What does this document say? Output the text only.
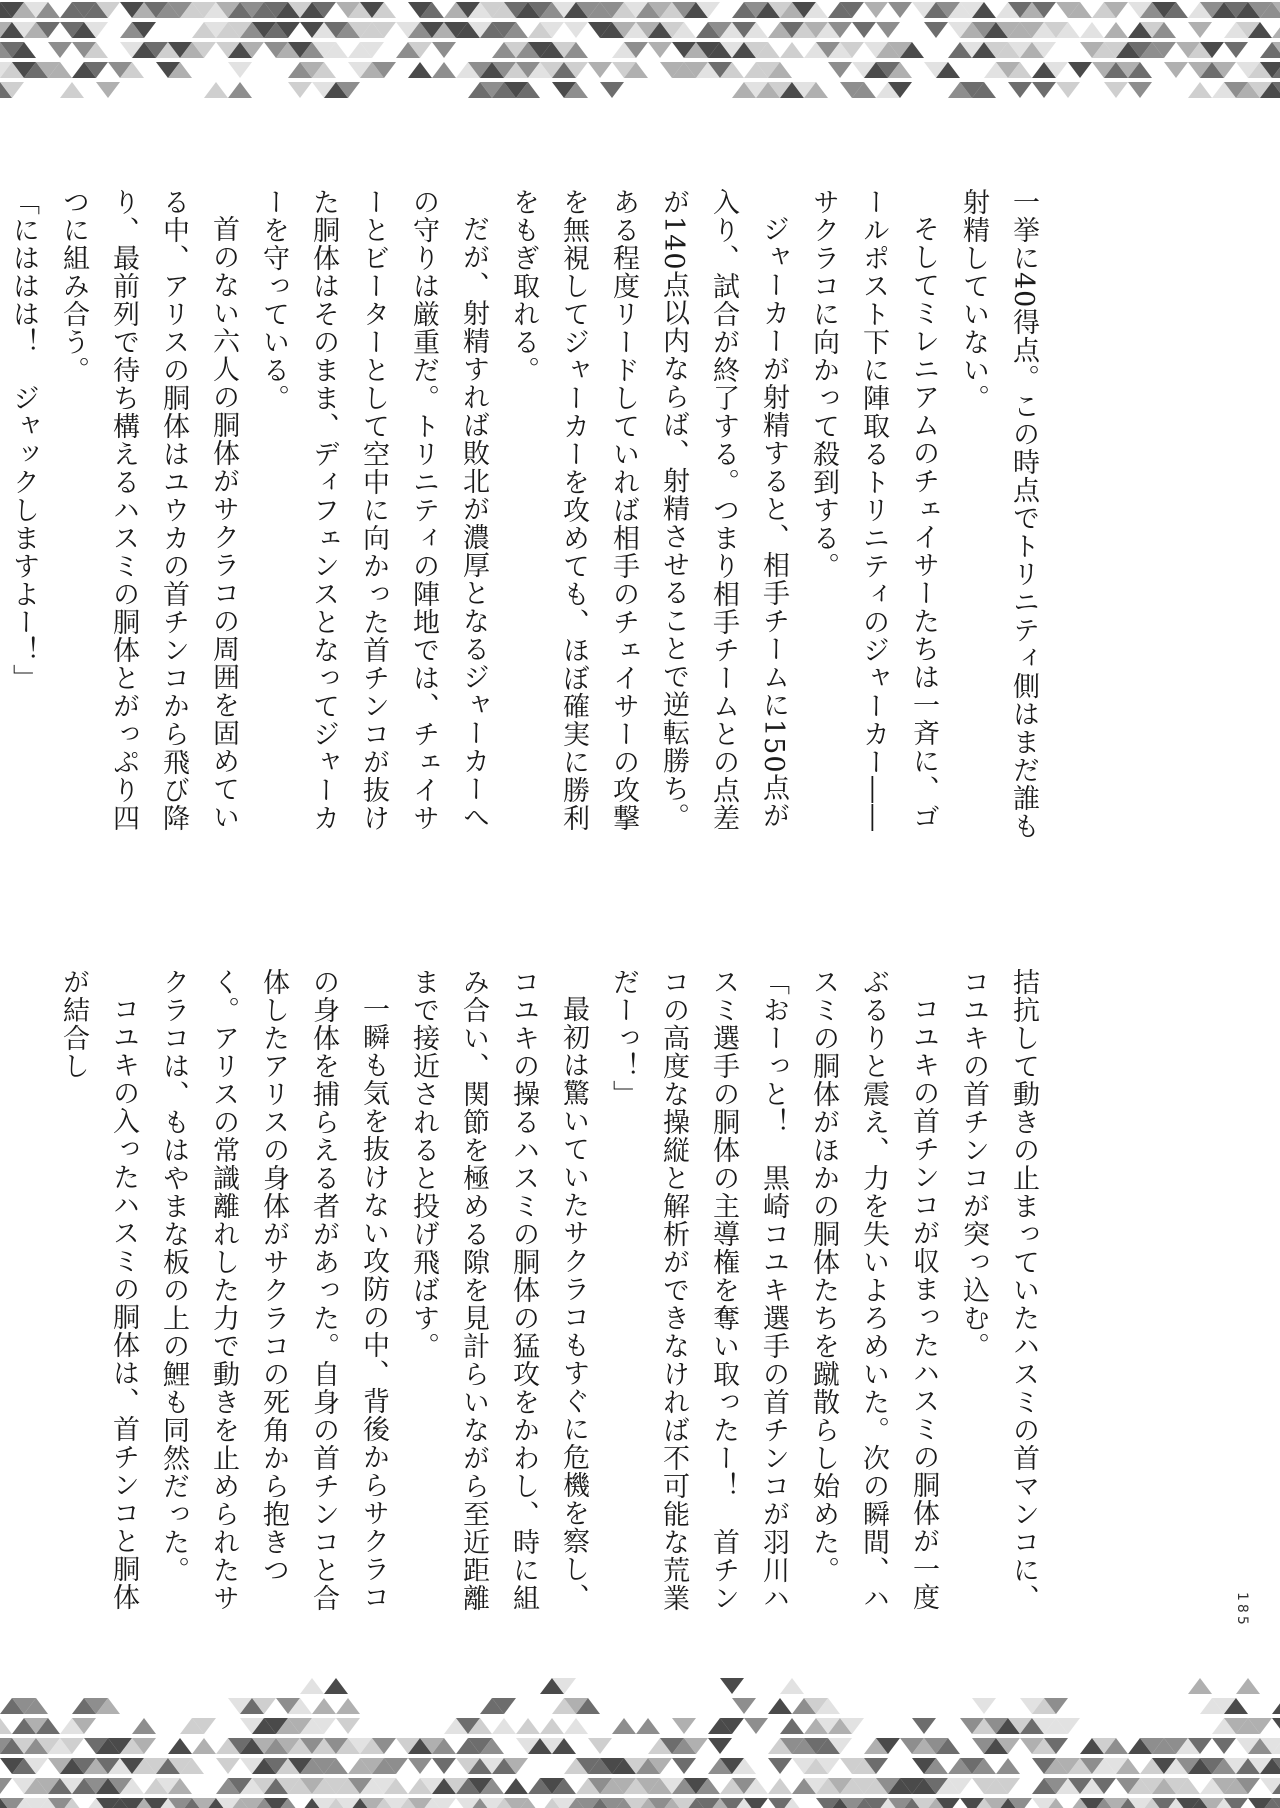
一挙に40得点。この時点でトリニティ側はまだ誰も射精していない。

そしてミレニアムのチェイサーたちは一斉に、ゴールポスト下に陣取るトリニティのジャーカー――サクラコに向かって殺到する。

ジャーカーが射精すると、相手チームに150点が入り、試合が終了する。つまり相手チームとの点差が140点以内ならば、射精させることで逆転勝ち。ある程度リードしていれば相手のチェイサーの攻撃を無視してジャーカーを攻めても、ほぼ確実に勝利をもぎ取れる。

だが、射精すれば敗北が濃厚となるジャーカーへの守りは厳重だ。トリニティの陣地では、チェイサーとビーターとして空中に向かった首チンコが抜けた胴体はそのまま、ディフェンスとなってジャーカーを守っている。

首のない六人の胴体がサクラコの周囲を固めている中、アリスの胴体はユウカの首チンコから飛び降り、最前列で待ち構えるハスミの胴体とがっぷり四つに組み合う。

「にははは！　ジャックしますよー！」

拮抗して動きの止まっていたハスミの首マンコに、コユキの首チンコが突っ込む。

コユキの首チンコが収まったハスミの胴体が一度ぶるりと震え、力を失いよろめいた。次の瞬間、ハスミの胴体がほかの胴体たちを蹴散らし始めた。

「おーっと！　黒崎コユキ選手の首チンコが羽川ハスミ選手の胴体の主導権を奪い取ったー！　首チンコの高度な操縦と解析ができなければ不可能な荒業だーっ！」

最初は驚いていたサクラコもすぐに危機を察し、コユキの操るハスミの胴体の猛攻をかわし、時に組み合い、関節を極める隙を見計らいながら至近距離まで接近されると投げ飛ばす。

一瞬も気を抜けない攻防の中、背後からサクラコの身体を捕らえる者があった。自身の首チンコと合体したアリスの身体がサクラコの死角から抱きつく。アリスの常識離れした力で動きを止められたサクラコは、もはやまな板の上の鯉も同然だった。

コユキの入ったハスミの胴体は、首チンコと胴体が結合し

185
